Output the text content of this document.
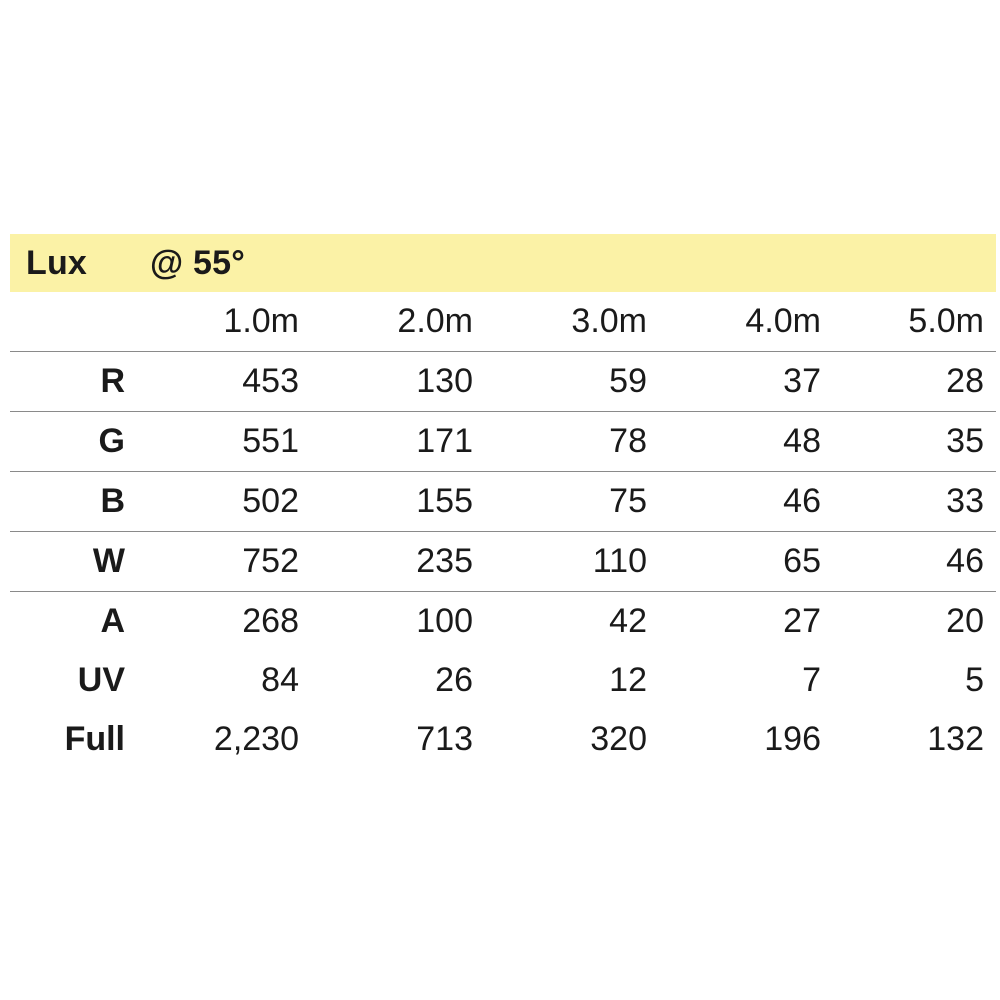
Lux @ 55°
	1.0m	2.0m	3.0m	4.0m	5.0m
R	453	130	59	37	28
G	551	171	78	48	35
B	502	155	75	46	33
W	752	235	110	65	46
A	268	100	42	27	20
UV	84	26	12	7	5
Full	2,230	713	320	196	132
